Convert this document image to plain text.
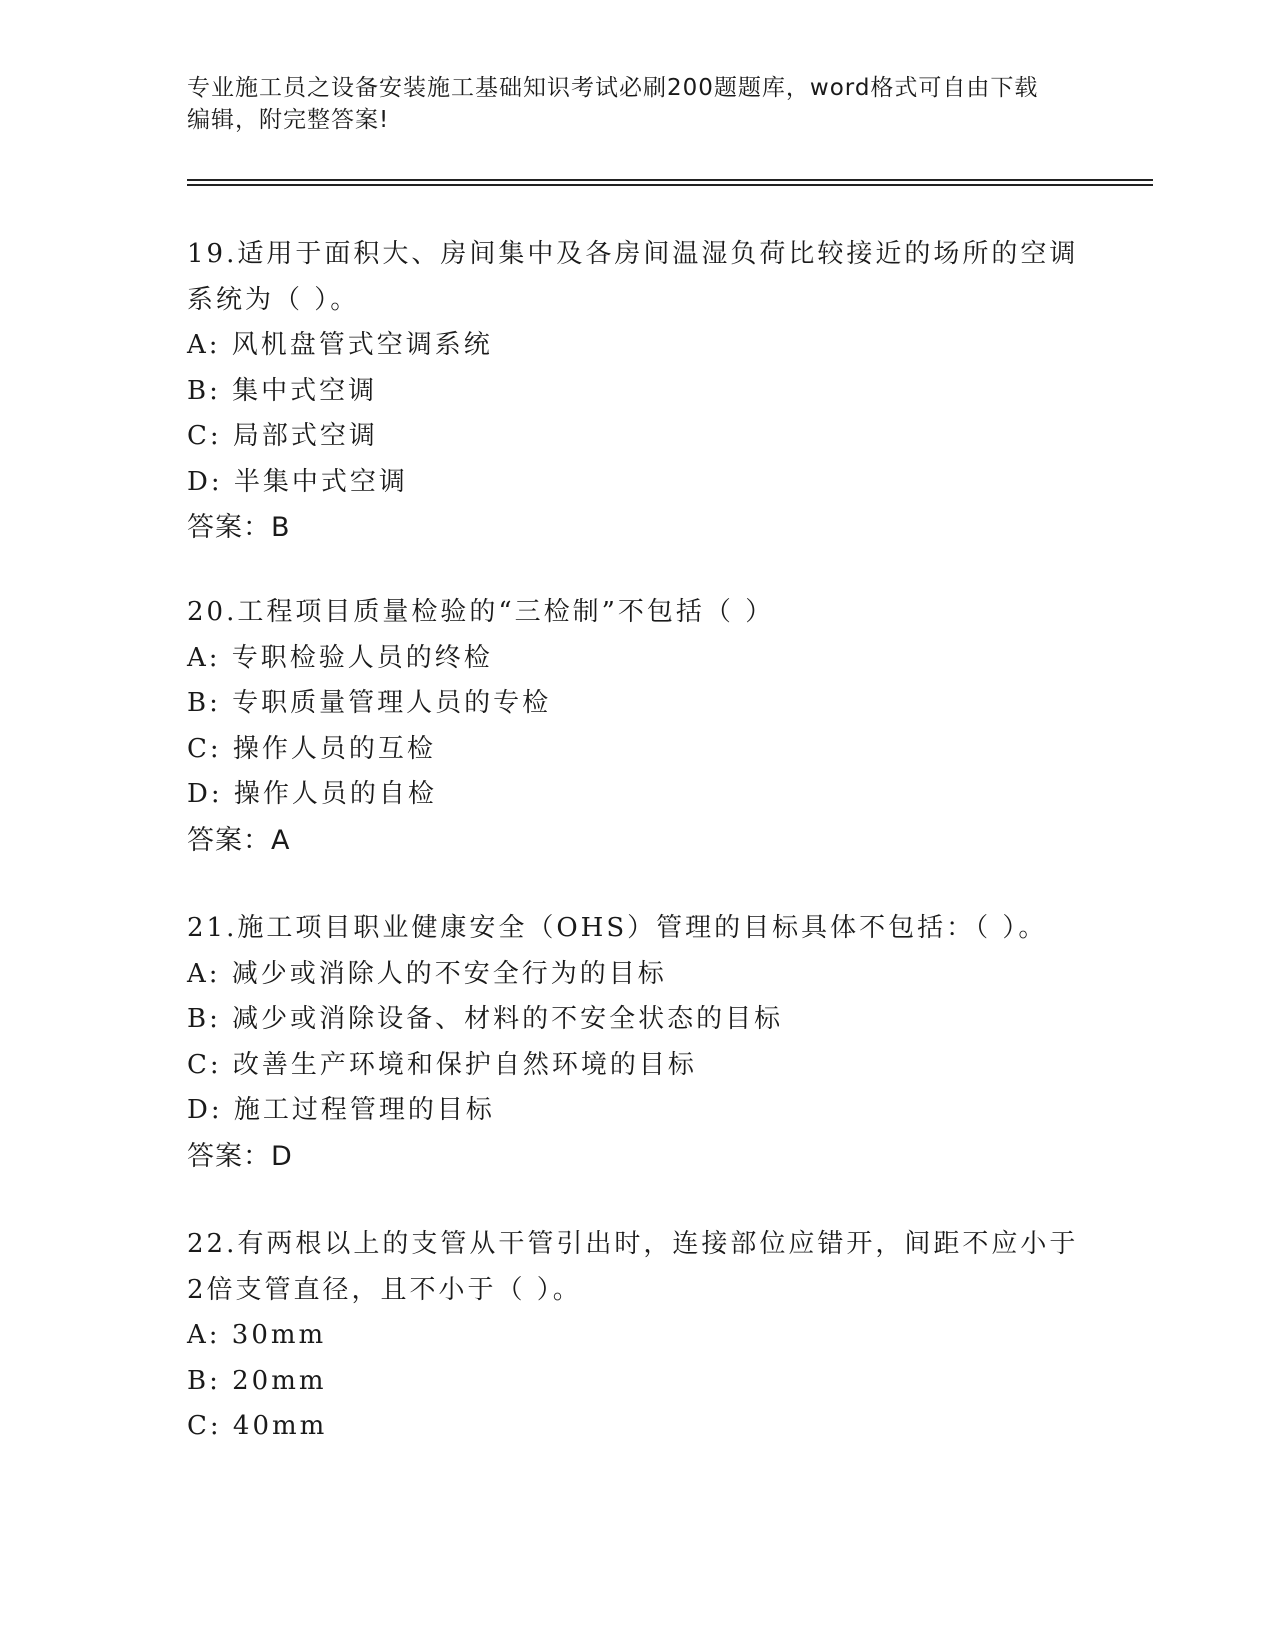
专业施工员之设备安装施工基础知识考试必刷200题题库，word格式可自由下载
编辑，附完整答案!
19.适用于面积大、房间集中及各房间温湿负荷比较接近的场所的空调
系统为（ ）。
A: 风机盘管式空调系统
B: 集中式空调
C: 局部式空调
D: 半集中式空调
答案：B
20.工程项目质量检验的“三检制”不包括（ ）
A: 专职检验人员的终检
B: 专职质量管理人员的专检
C: 操作人员的互检
D: 操作人员的自检
答案：A
21.施工项目职业健康安全（OHS）管理的目标具体不包括：（ ）。
A: 减少或消除人的不安全行为的目标
B: 减少或消除设备、材料的不安全状态的目标
C: 改善生产环境和保护自然环境的目标
D: 施工过程管理的目标
答案：D
22.有两根以上的支管从干管引出时，连接部位应错开，间距不应小于
2倍支管直径，且不小于（ ）。
A: 30mm
B: 20mm
C: 40mm
